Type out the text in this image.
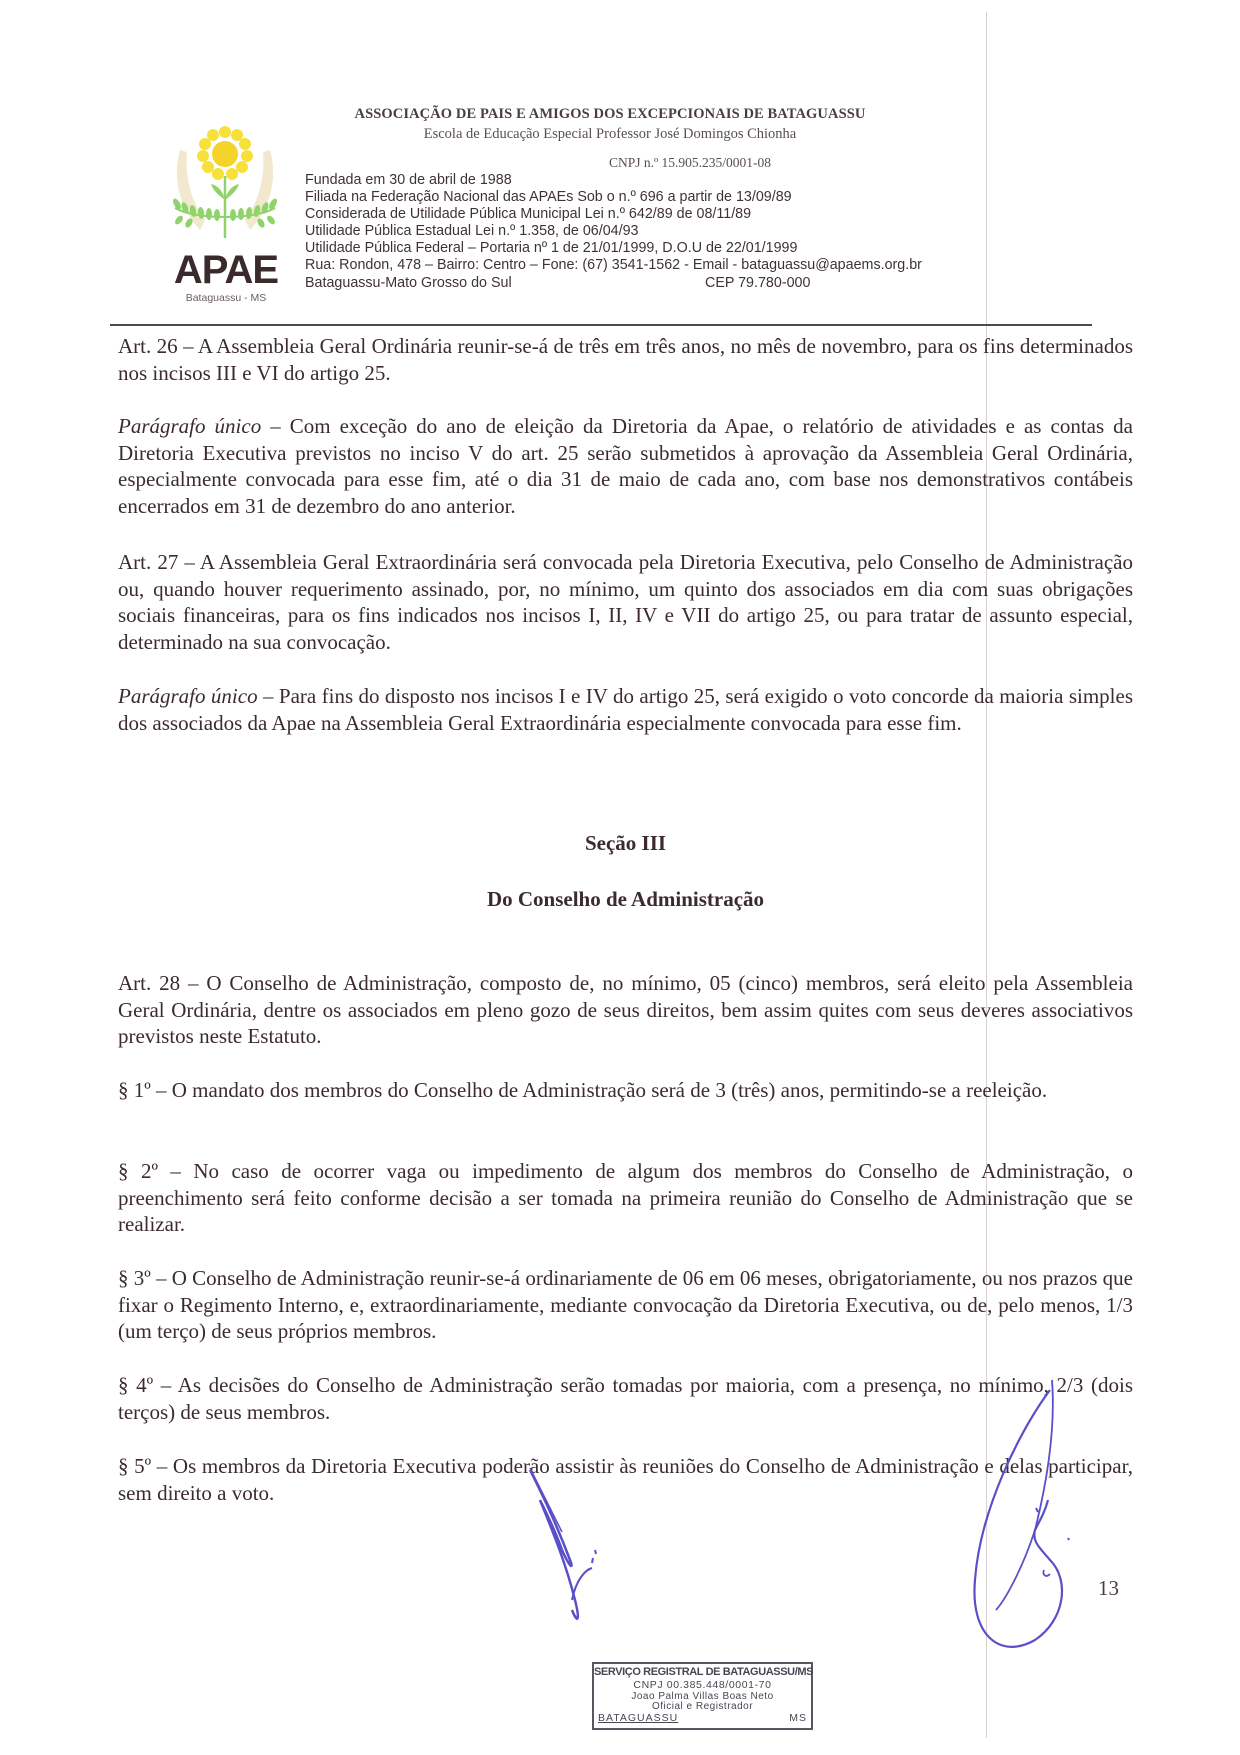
APAE
Bataguassu - MS
ASSOCIAÇÃO DE PAIS E AMIGOS DOS EXCEPCIONAIS DE BATAGUASSU
Escola de Educação Especial Professor José Domingos Chionha
CNPJ n.º 15.905.235/0001-08
Fundada em 30 de abril de 1988
Filiada na Federação Nacional das APAEs Sob o n.º 696 a partir de 13/09/89
Considerada de Utilidade Pública Municipal Lei n.º 642/89 de 08/11/89
Utilidade Pública Estadual Lei n.º 1.358, de 06/04/93
Utilidade Pública Federal – Portaria nº 1 de 21/01/1999, D.O.U de 22/01/1999
Rua: Rondon, 478 – Bairro: Centro – Fone: (67) 3541-1562 - Email - bataguassu@apaems.org.br
Bataguassu-Mato Grosso do Sul	CEP 79.780-000
Art. 26 – A Assembleia Geral Ordinária reunir-se-á de três em três anos, no mês de novembro, para os fins determinados nos incisos III e VI do artigo 25.
Parágrafo único – Com exceção do ano de eleição da Diretoria da Apae, o relatório de atividades e as contas da Diretoria Executiva previstos no inciso V do art. 25 serão submetidos à aprovação da Assembleia Geral Ordinária, especialmente convocada para esse fim, até o dia 31 de maio de cada ano, com base nos demonstrativos contábeis encerrados em 31 de dezembro do ano anterior.
Art. 27 – A Assembleia Geral Extraordinária será convocada pela Diretoria Executiva, pelo Conselho de Administração ou, quando houver requerimento assinado, por, no mínimo, um quinto dos associados em dia com suas obrigações sociais financeiras, para os fins indicados nos incisos I, II, IV e VII do artigo 25, ou para tratar de assunto especial, determinado na sua convocação.
Parágrafo único – Para fins do disposto nos incisos I e IV do artigo 25, será exigido o voto concorde da maioria simples dos associados da Apae na Assembleia Geral Extraordinária especialmente convocada para esse fim.
Seção III
Do Conselho de Administração
Art. 28 – O Conselho de Administração, composto de, no mínimo, 05 (cinco) membros, será eleito pela Assembleia Geral Ordinária, dentre os associados em pleno gozo de seus direitos, bem assim quites com seus deveres associativos previstos neste Estatuto.
§ 1º – O mandato dos membros do Conselho de Administração será de 3 (três) anos, permitindo-se a reeleição.
§ 2º – No caso de ocorrer vaga ou impedimento de algum dos membros do Conselho de Administração, o preenchimento será feito conforme decisão a ser tomada na primeira reunião do Conselho de Administração que se realizar.
§ 3º – O Conselho de Administração reunir-se-á ordinariamente de 06 em 06 meses, obrigatoriamente, ou nos prazos que fixar o Regimento Interno, e, extraordinariamente, mediante convocação da Diretoria Executiva, ou de, pelo menos, 1/3 (um terço) de seus próprios membros.
§ 4º – As decisões do Conselho de Administração serão tomadas por maioria, com a presença, no mínimo, 2/3 (dois terços) de seus membros.
§ 5º – Os membros da Diretoria Executiva poderão assistir às reuniões do Conselho de Administração e delas participar, sem direito a voto.
13
SERVIÇO REGISTRAL DE BATAGUASSU/MS
CNPJ 00.385.448/0001-70
Joao Palma Villas Boas Neto
Oficial e Registrador
BATAGUASSU	MS
